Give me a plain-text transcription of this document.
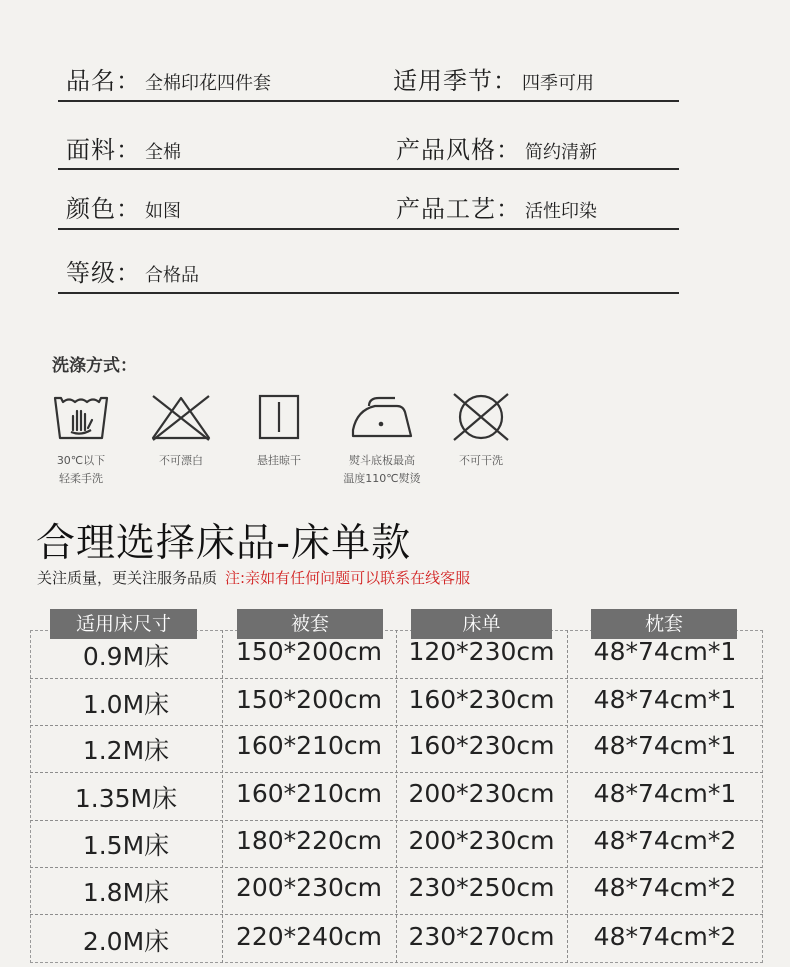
品名： 全棉印花四件套	适用季节： 四季可用
面料： 全棉	产品风格： 简约清新
颜色： 如图	产品工艺： 活性印染
等级： 合格品
洗涤方式：
30℃以下
轻柔手洗
不可漂白	悬挂晾干	熨斗底板最高
温度110℃熨烫
不可干洗
合理选择床品-床单款
关注质量，更关注服务品质 注:亲如有任何问题可以联系在线客服
适用床尺寸	被套	床单	枕套
0.9M床	150*200cm	120*230cm	48*74cm*1
1.0M床	150*200cm	160*230cm	48*74cm*1
1.2M床	160*210cm	160*230cm	48*74cm*1
1.35M床	160*210cm	200*230cm	48*74cm*1
1.5M床	180*220cm	200*230cm	48*74cm*2
1.8M床	200*230cm	230*250cm	48*74cm*2
2.0M床	220*240cm	230*270cm	48*74cm*2
